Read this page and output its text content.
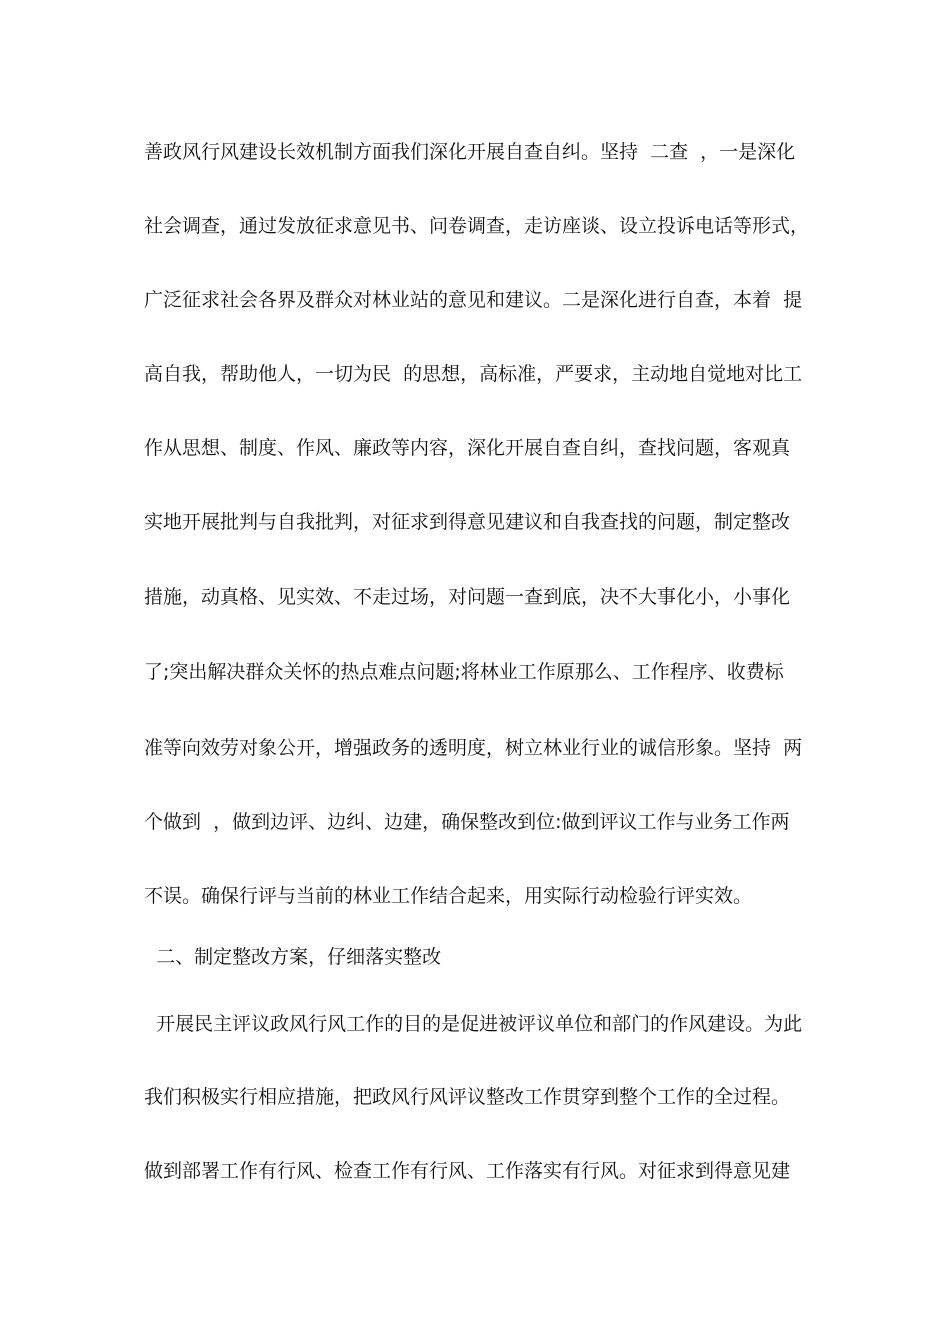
善政风行风建设长效机制方面我们深化开展自查自纠。坚持  二查  ，一是深化
社会调查，通过发放征求意见书、问卷调查，走访座谈、设立投诉电话等形式，
广泛征求社会各界及群众对林业站的意见和建议。二是深化进行自查，本着  提
高自我，帮助他人，一切为民  的思想，高标准，严要求，主动地自觉地对比工
作从思想、制度、作风、廉政等内容，深化开展自查自纠，查找问题，客观真
实地开展批判与自我批判，对征求到得意见建议和自我查找的问题，制定整改
措施，动真格、见实效、不走过场，对问题一查到底，决不大事化小，小事化
了;突出解决群众关怀的热点难点问题;将林业工作原那么、工作程序、收费标
准等向效劳对象公开，增强政务的透明度，树立林业行业的诚信形象。坚持  两
个做到  ，做到边评、边纠、边建，确保整改到位:做到评议工作与业务工作两
不误。确保行评与当前的林业工作结合起来，用实际行动检验行评实效。
二、制定整改方案，仔细落实整改
开展民主评议政风行风工作的目的是促进被评议单位和部门的作风建设。为此
我们积极实行相应措施，把政风行风评议整改工作贯穿到整个工作的全过程。
做到部署工作有行风、检查工作有行风、工作落实有行风。对征求到得意见建
